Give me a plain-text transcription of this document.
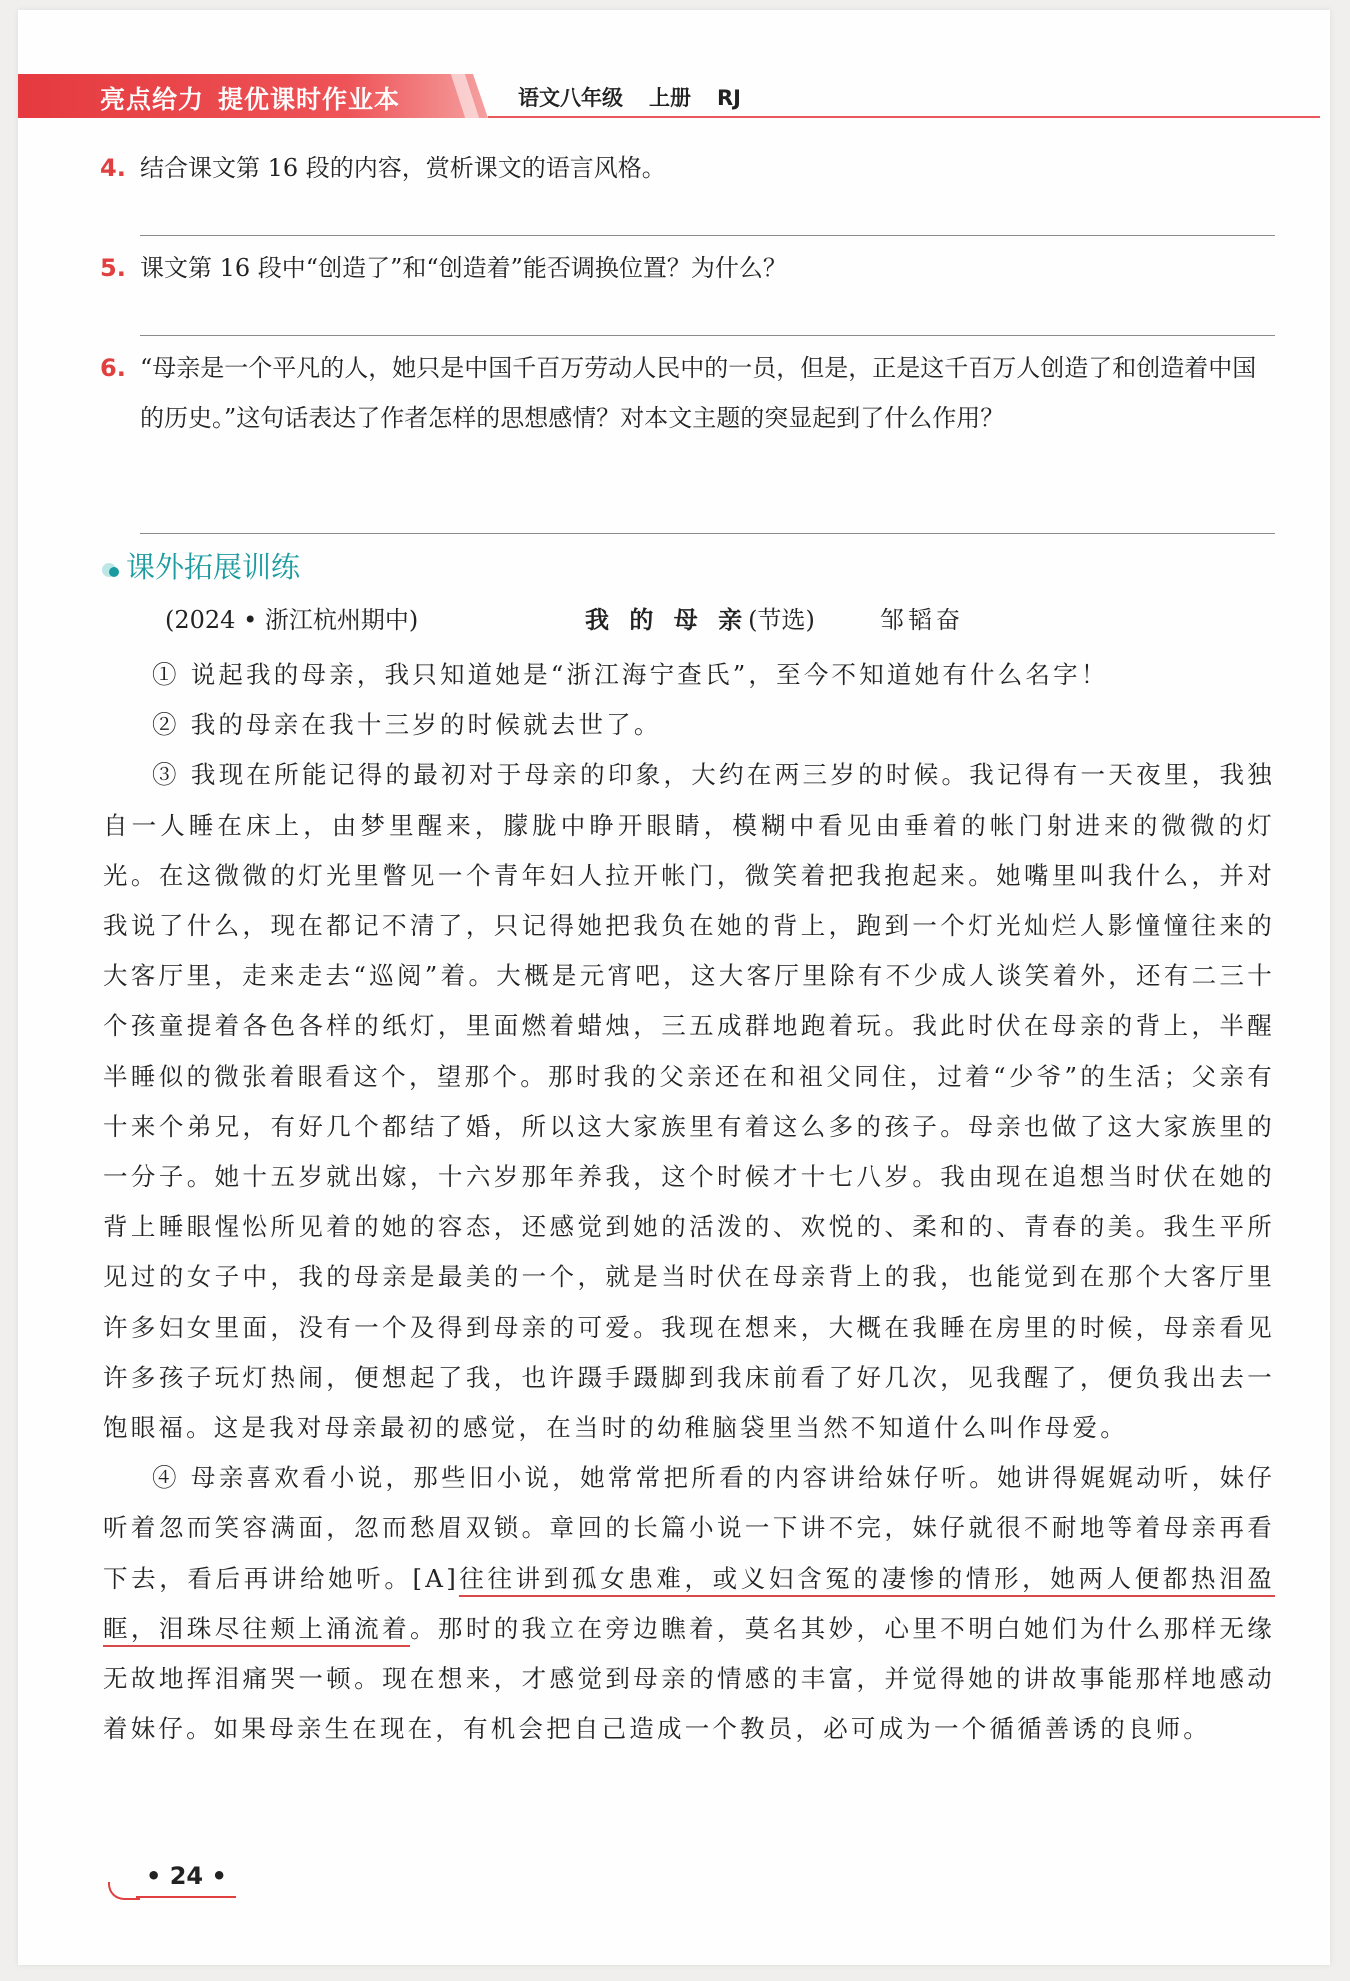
亮点给力 提优课时作业本	语文八年级 上册 RJ
4. 结合课文第 16 段的内容，赏析课文的语言风格。
5. 课文第 16 段中“创造了”和“创造着”能否调换位置？为什么？
6. “母亲是一个平凡的人，她只是中国千百万劳动人民中的一员，但是，正是这千百万人创造了和创造着中国的历史。”这句话表达了作者怎样的思想感情？对本文主题的突显起到了什么作用？
课外拓展训练
(2024 • 浙江杭州期中)	我 的 母 亲(节选)	邹韬奋

① 说起我的母亲，我只知道她是“浙江海宁查氏”，至今不知道她有什么名字！

② 我的母亲在我十三岁的时候就去世了。

③ 我现在所能记得的最初对于母亲的印象，大约在两三岁的时候。我记得有一天夜里，我独自一人睡在床上，由梦里醒来，朦胧中睁开眼睛，模糊中看见由垂着的帐门射进来的微微的灯光。在这微微的灯光里瞥见一个青年妇人拉开帐门，微笑着把我抱起来。她嘴里叫我什么，并对我说了什么，现在都记不清了，只记得她把我负在她的背上，跑到一个灯光灿烂人影憧憧往来的大客厅里，走来走去“巡阅”着。大概是元宵吧，这大客厅里除有不少成人谈笑着外，还有二三十个孩童提着各色各样的纸灯，里面燃着蜡烛，三五成群地跑着玩。我此时伏在母亲的背上，半醒半睡似的微张着眼看这个，望那个。那时我的父亲还在和祖父同住，过着“少爷”的生活；父亲有十来个弟兄，有好几个都结了婚，所以这大家族里有着这么多的孩子。母亲也做了这大家族里的一分子。她十五岁就出嫁，十六岁那年养我，这个时候才十七八岁。我由现在追想当时伏在她的背上睡眼惺忪所见着的她的容态，还感觉到她的活泼的、欢悦的、柔和的、青春的美。我生平所见过的女子中，我的母亲是最美的一个，就是当时伏在母亲背上的我，也能觉到在那个大客厅里许多妇女里面，没有一个及得到母亲的可爱。我现在想来，大概在我睡在房里的时候，母亲看见许多孩子玩灯热闹，便想起了我，也许蹑手蹑脚到我床前看了好几次，见我醒了，便负我出去一饱眼福。这是我对母亲最初的感觉，在当时的幼稚脑袋里当然不知道什么叫作母爱。

④ 母亲喜欢看小说，那些旧小说，她常常把所看的内容讲给妹仔听。她讲得娓娓动听，妹仔听着忽而笑容满面，忽而愁眉双锁。章回的长篇小说一下讲不完，妹仔就很不耐地等着母亲再看下去，看后再讲给她听。[A]往往讲到孤女患难，或义妇含冤的凄惨的情形，她两人便都热泪盈眶，泪珠尽往颊上涌流着。那时的我立在旁边瞧着，莫名其妙，心里不明白她们为什么那样无缘无故地挥泪痛哭一顿。现在想来，才感觉到母亲的情感的丰富，并觉得她的讲故事能那样地感动着妹仔。如果母亲生在现在，有机会把自己造成一个教员，必可成为一个循循善诱的良师。

• 24 •
